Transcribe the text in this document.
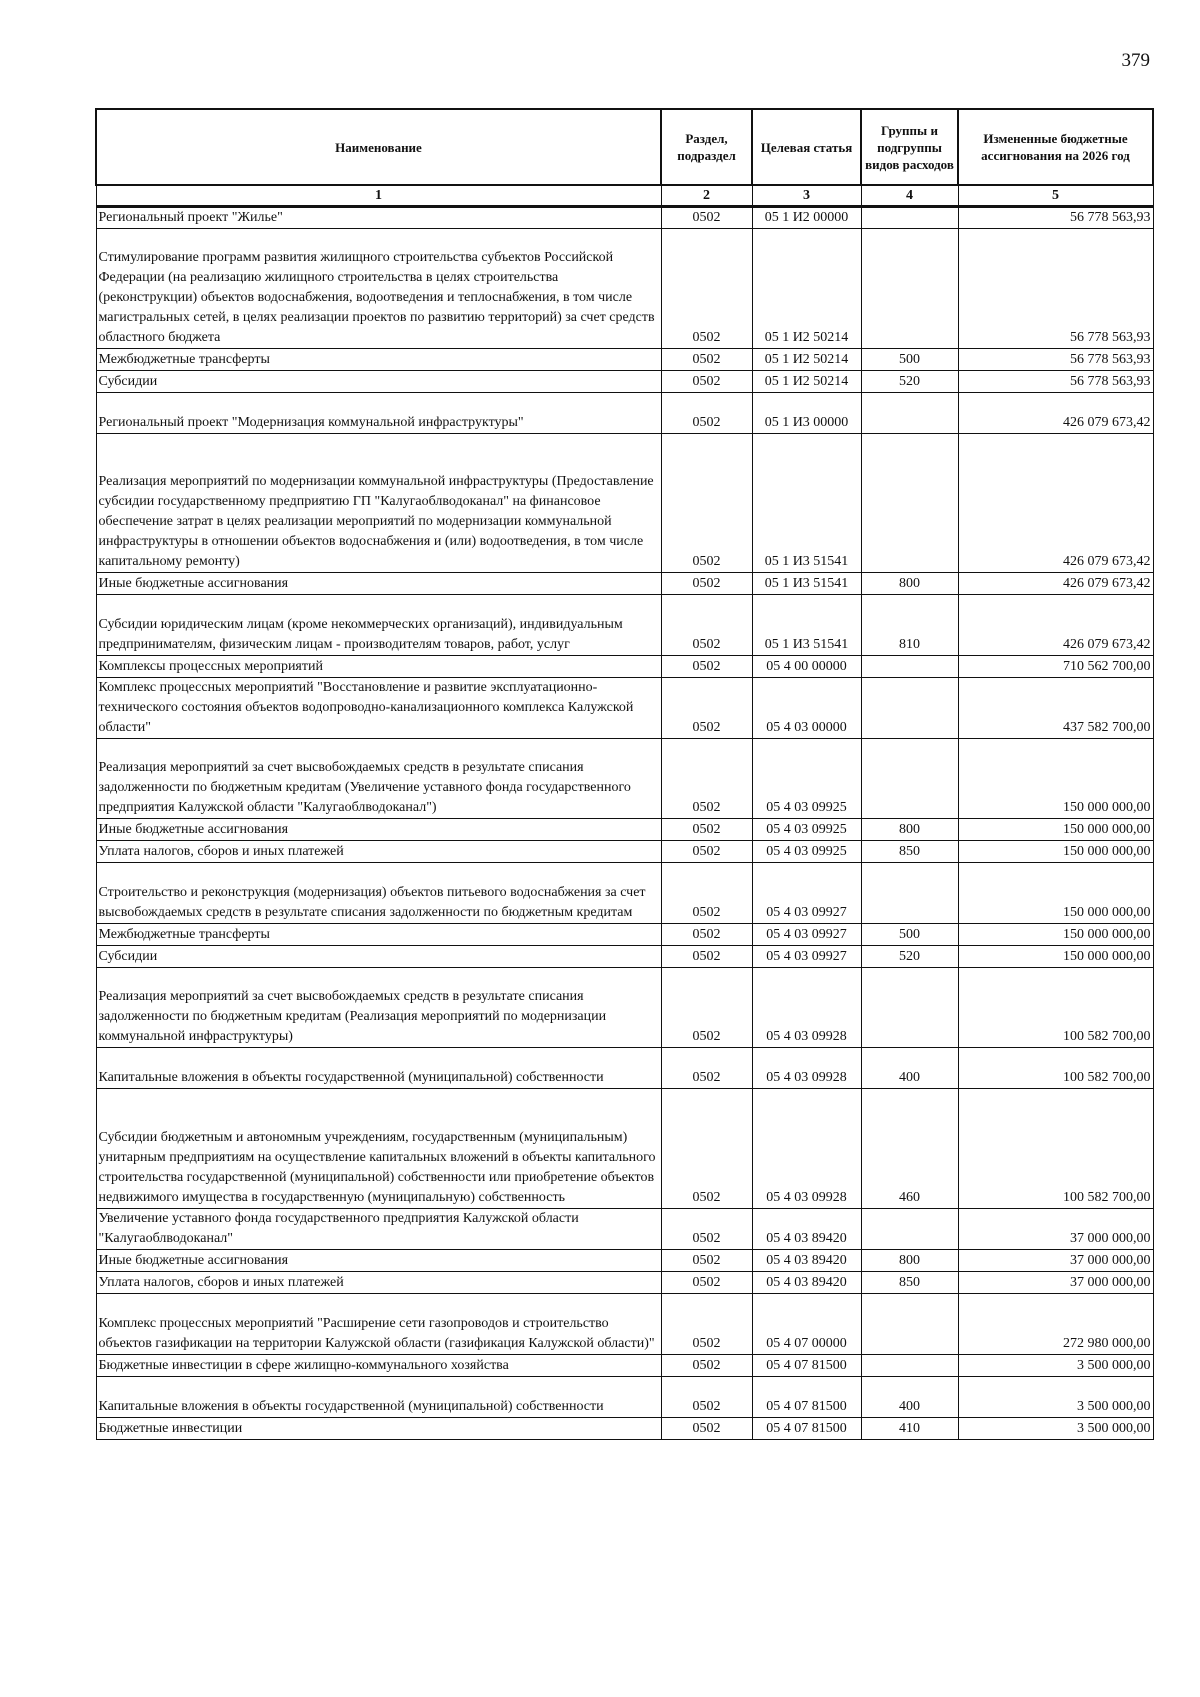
379
Наименование	Раздел, подраздел	Целевая статья	Группы и подгруппы видов расходов	Измененные бюджетные ассигнования на 2026 год
1	2	3	4	5
Региональный проект "Жилье"	0502	05 1 И2 00000		56 778 563,93
Стимулирование программ развития жилищного строительства субъектов Российской Федерации (на реализацию жилищного строительства в целях строительства (реконструкции) объектов водоснабжения, водоотведения и теплоснабжения, в том числе магистральных сетей, в целях реализации проектов по развитию территорий) за счет средств областного бюджета	0502	05 1 И2 50214		56 778 563,93
Межбюджетные трансферты	0502	05 1 И2 50214	500	56 778 563,93
Субсидии	0502	05 1 И2 50214	520	56 778 563,93
Региональный проект "Модернизация коммунальной инфраструктуры"	0502	05 1 И3 00000		426 079 673,42
Реализация мероприятий по модернизации коммунальной инфраструктуры (Предоставление субсидии государственному предприятию ГП "Калугаоблводоканал" на финансовое обеспечение затрат в целях реализации мероприятий по модернизации коммунальной инфраструктуры в отношении объектов водоснабжения и (или) водоотведения, в том числе капитальному ремонту)	0502	05 1 И3 51541		426 079 673,42
Иные бюджетные ассигнования	0502	05 1 И3 51541	800	426 079 673,42
Субсидии юридическим лицам (кроме некоммерческих организаций), индивидуальным предпринимателям, физическим лицам - производителям товаров, работ, услуг	0502	05 1 И3 51541	810	426 079 673,42
Комплексы процессных мероприятий	0502	05 4 00 00000		710 562 700,00
Комплекс процессных мероприятий "Восстановление и развитие эксплуатационно-технического состояния объектов водопроводно-канализационного комплекса Калужской области"	0502	05 4 03 00000		437 582 700,00
Реализация мероприятий за счет высвобождаемых средств в результате списания задолженности по бюджетным кредитам (Увеличение уставного фонда государственного предприятия Калужской области "Калугаоблводоканал")	0502	05 4 03 09925		150 000 000,00
Иные бюджетные ассигнования	0502	05 4 03 09925	800	150 000 000,00
Уплата налогов, сборов и иных платежей	0502	05 4 03 09925	850	150 000 000,00
Строительство и реконструкция (модернизация) объектов питьевого водоснабжения за счет высвобождаемых средств в результате списания задолженности по бюджетным кредитам	0502	05 4 03 09927		150 000 000,00
Межбюджетные трансферты	0502	05 4 03 09927	500	150 000 000,00
Субсидии	0502	05 4 03 09927	520	150 000 000,00
Реализация мероприятий за счет высвобождаемых средств в результате списания задолженности по бюджетным кредитам (Реализация мероприятий по модернизации коммунальной инфраструктуры)	0502	05 4 03 09928		100 582 700,00
Капитальные вложения в объекты государственной (муниципальной) собственности	0502	05 4 03 09928	400	100 582 700,00
Субсидии бюджетным и автономным учреждениям, государственным (муниципальным) унитарным предприятиям на осуществление капитальных вложений в объекты капитального строительства государственной (муниципальной) собственности или приобретение объектов недвижимого имущества в государственную (муниципальную) собственность	0502	05 4 03 09928	460	100 582 700,00
Увеличение уставного фонда государственного предприятия Калужской области "Калугаоблводоканал"	0502	05 4 03 89420		37 000 000,00
Иные бюджетные ассигнования	0502	05 4 03 89420	800	37 000 000,00
Уплата налогов, сборов и иных платежей	0502	05 4 03 89420	850	37 000 000,00
Комплекс процессных мероприятий "Расширение сети газопроводов и строительство объектов газификации на территории Калужской области (газификация Калужской области)"	0502	05 4 07 00000		272 980 000,00
Бюджетные инвестиции в сфере жилищно-коммунального хозяйства	0502	05 4 07 81500		3 500 000,00
Капитальные вложения в объекты государственной (муниципальной) собственности	0502	05 4 07 81500	400	3 500 000,00
Бюджетные инвестиции	0502	05 4 07 81500	410	3 500 000,00
